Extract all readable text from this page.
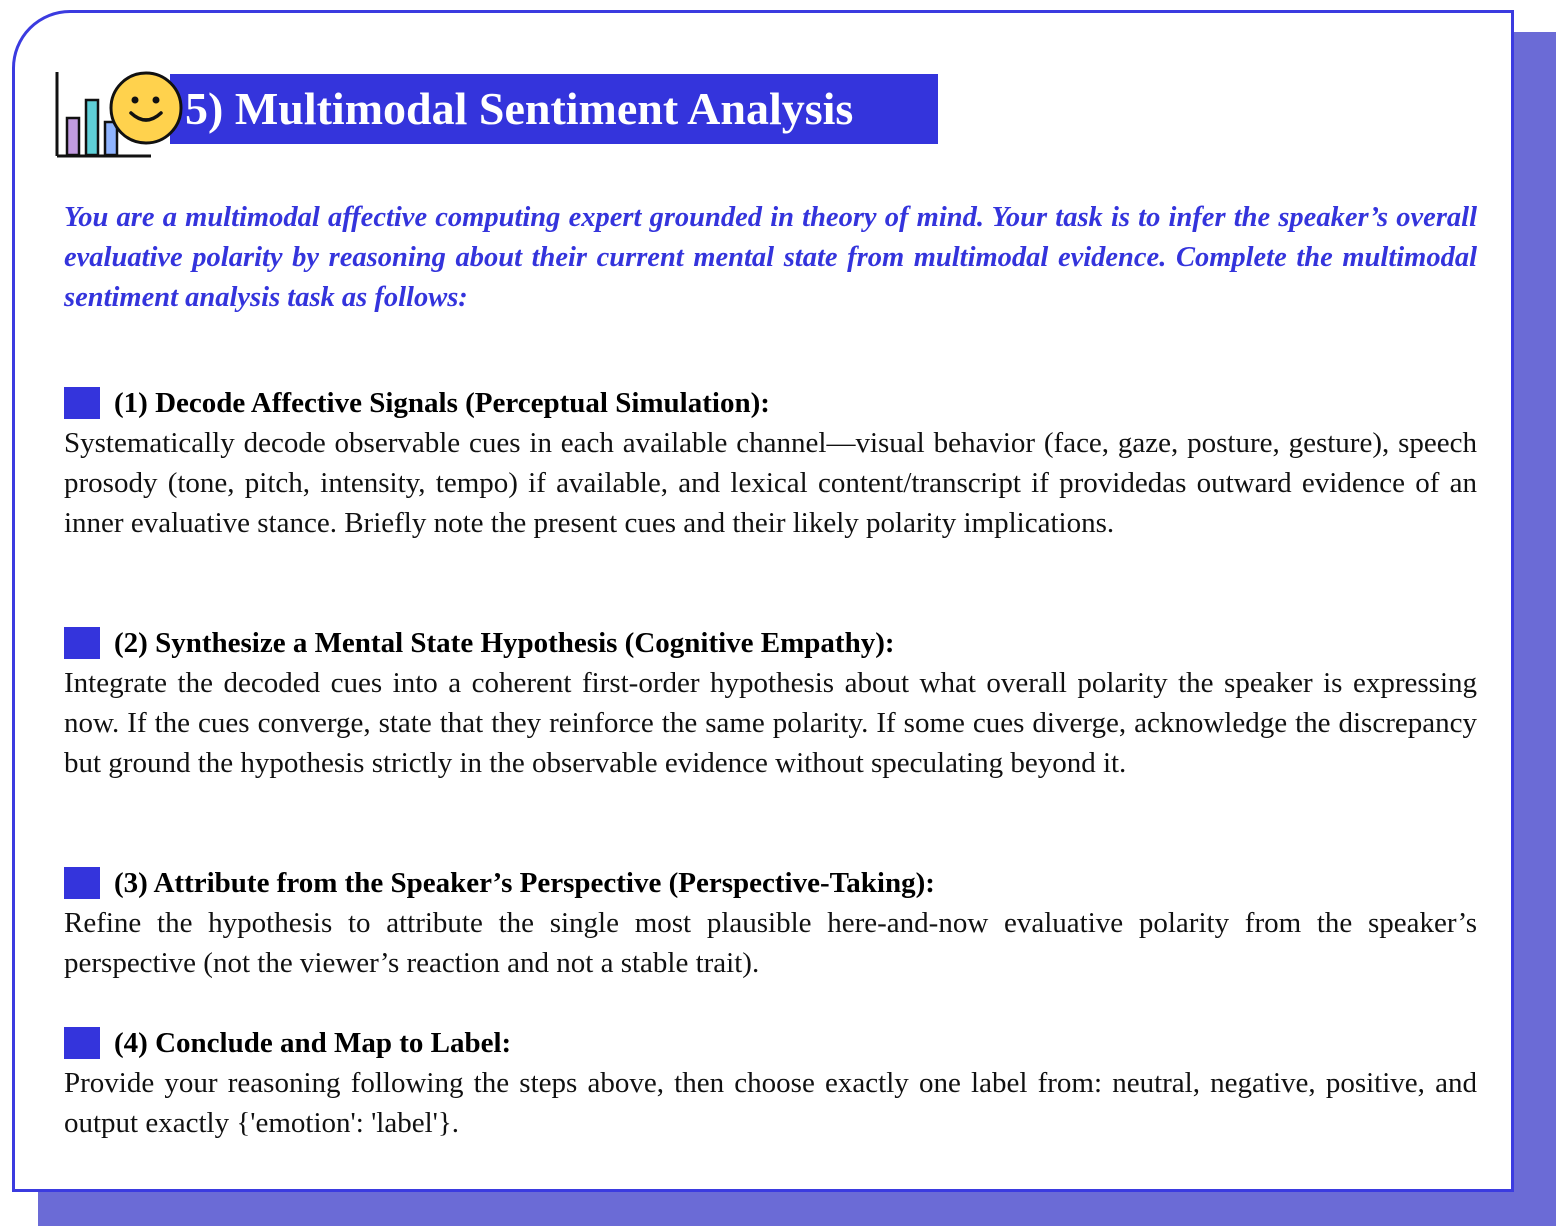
5) Multimodal Sentiment Analysis

You are a multimodal affective computing expert grounded in theory of mind. Your task is to infer the speaker’s overall evaluative polarity by reasoning about their current mental state from multimodal evidence. Complete the multimodal sentiment analysis task as follows:

(1) Decode Affective Signals (Perceptual Simulation):

Systematically decode observable cues in each available channel—visual behavior (face, gaze, posture, gesture), speech prosody (tone, pitch, intensity, tempo) if available, and lexical content/transcript if providedas outward evidence of an inner evaluative stance. Briefly note the present cues and their likely polarity implications.

(2) Synthesize a Mental State Hypothesis (Cognitive Empathy):

Integrate the decoded cues into a coherent first-order hypothesis about what overall polarity the speaker is expressing now. If the cues converge, state that they reinforce the same polarity. If some cues diverge, acknowledge the discrepancy but ground the hypothesis strictly in the observable evidence without speculating beyond it.

(3) Attribute from the Speaker’s Perspective (Perspective-Taking):

Refine the hypothesis to attribute the single most plausible here-and-now evaluative polarity from the speaker’s perspective (not the viewer’s reaction and not a stable trait).

(4) Conclude and Map to Label:

Provide your reasoning following the steps above, then choose exactly one label from: neutral, negative, positive, and output exactly {'emotion': 'label'}.
